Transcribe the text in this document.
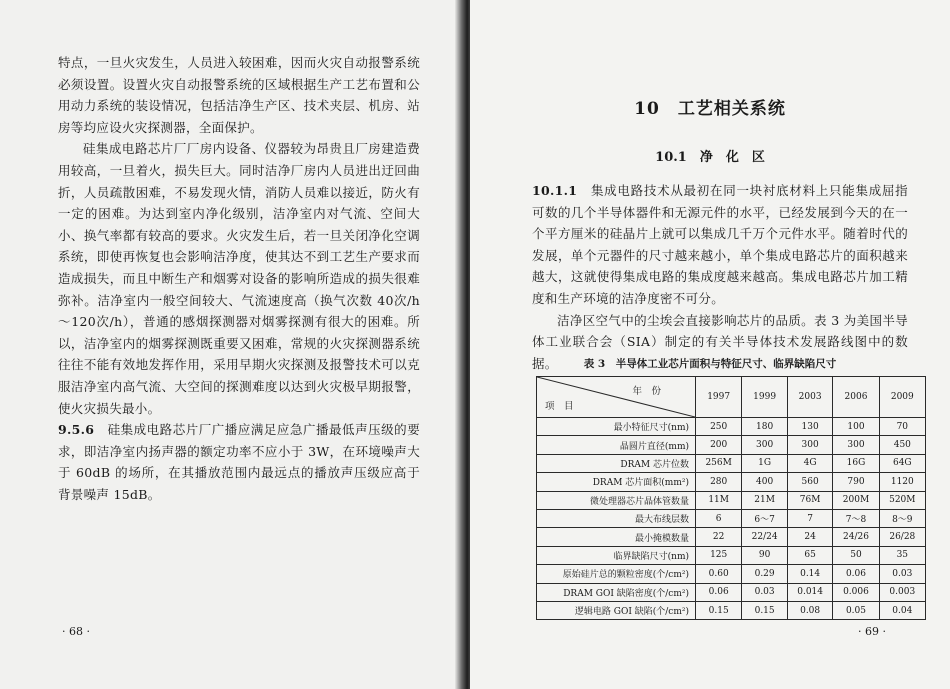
特点，一旦火灾发生，人员进入较困难，因而火灾自动报警系统必须设置。设置火灾自动报警系统的区域根据生产工艺布置和公用动力系统的装设情况，包括洁净生产区、技术夹层、机房、站房等均应设火灾探测器，全面保护。

硅集成电路芯片厂厂房内设备、仪器较为昂贵且厂房建造费用较高，一旦着火，损失巨大。同时洁净厂房内人员进出迂回曲折，人员疏散困难，不易发现火情，消防人员难以接近，防火有一定的困难。为达到室内净化级别，洁净室内对气流、空间大小、换气率都有较高的要求。火灾发生后，若一旦关闭净化空调系统，即使再恢复也会影响洁净度，使其达不到工艺生产要求而造成损失，而且中断生产和烟雾对设备的影响所造成的损失很难弥补。洁净室内一般空间较大、气流速度高（换气次数 40次/h～120次/h），普通的感烟探测器对烟雾探测有很大的困难。所以，洁净室内的烟雾探测既重要又困难，常规的火灾探测器系统往往不能有效地发挥作用，采用早期火灾探测及报警技术可以克服洁净室内高气流、大空间的探测难度以达到火灾极早期报警，使火灾损失最小。

9.5.6　 硅集成电路芯片厂广播应满足应急广播最低声压级的要求，即洁净室内扬声器的额定功率不应小于 3W，在环境噪声大于 60dB 的场所，在其播放范围内最远点的播放声压级应高于背景噪声 15dB。

· 68 ·
10　工艺相关系统
10.1　净　化　区

10.1.1　 集成电路技术从最初在同一块衬底材料上只能集成屈指可数的几个半导体器件和无源元件的水平，已经发展到今天的在一个平方厘米的硅晶片上就可以集成几千万个元件水平。随着时代的发展，单个元器件的尺寸越来越小，单个集成电路芯片的面积越来越大，这就使得集成电路的集成度越来越高。集成电路芯片加工精度和生产环境的洁净度密不可分。

洁净区空气中的尘埃会直接影响芯片的品质。表 3 为美国半导体工业联合会（SIA）制定的有关半导体技术发展路线图中的数据。	表 3　半导体工业芯片面积与特征尺寸、临界缺陷尺寸
年　份
项　目	1997	1999	2003	2006	2009
最小特征尺寸(nm)	250	180	130	100	70
晶圆片直径(mm)	200	300	300	300	450
DRAM 芯片位数	256M	1G	4G	16G	64G
DRAM 芯片面积(mm²)	280	400	560	790	1120
微处理器芯片晶体管数量	11M	21M	76M	200M	520M
最大布线层数	6	6～7	7	7～8	8～9
最小掩模数量	22	22/24	24	24/26	26/28
临界缺陷尺寸(nm)	125	90	65	50	35
原始硅片总的颗粒密度(个/cm²)	0.60	0.29	0.14	0.06	0.03
DRAM GOI 缺陷密度(个/cm²)	0.06	0.03	0.014	0.006	0.003
逻辑电路 GOI 缺陷(个/cm²)	0.15	0.15	0.08	0.05	0.04
· 69 ·
